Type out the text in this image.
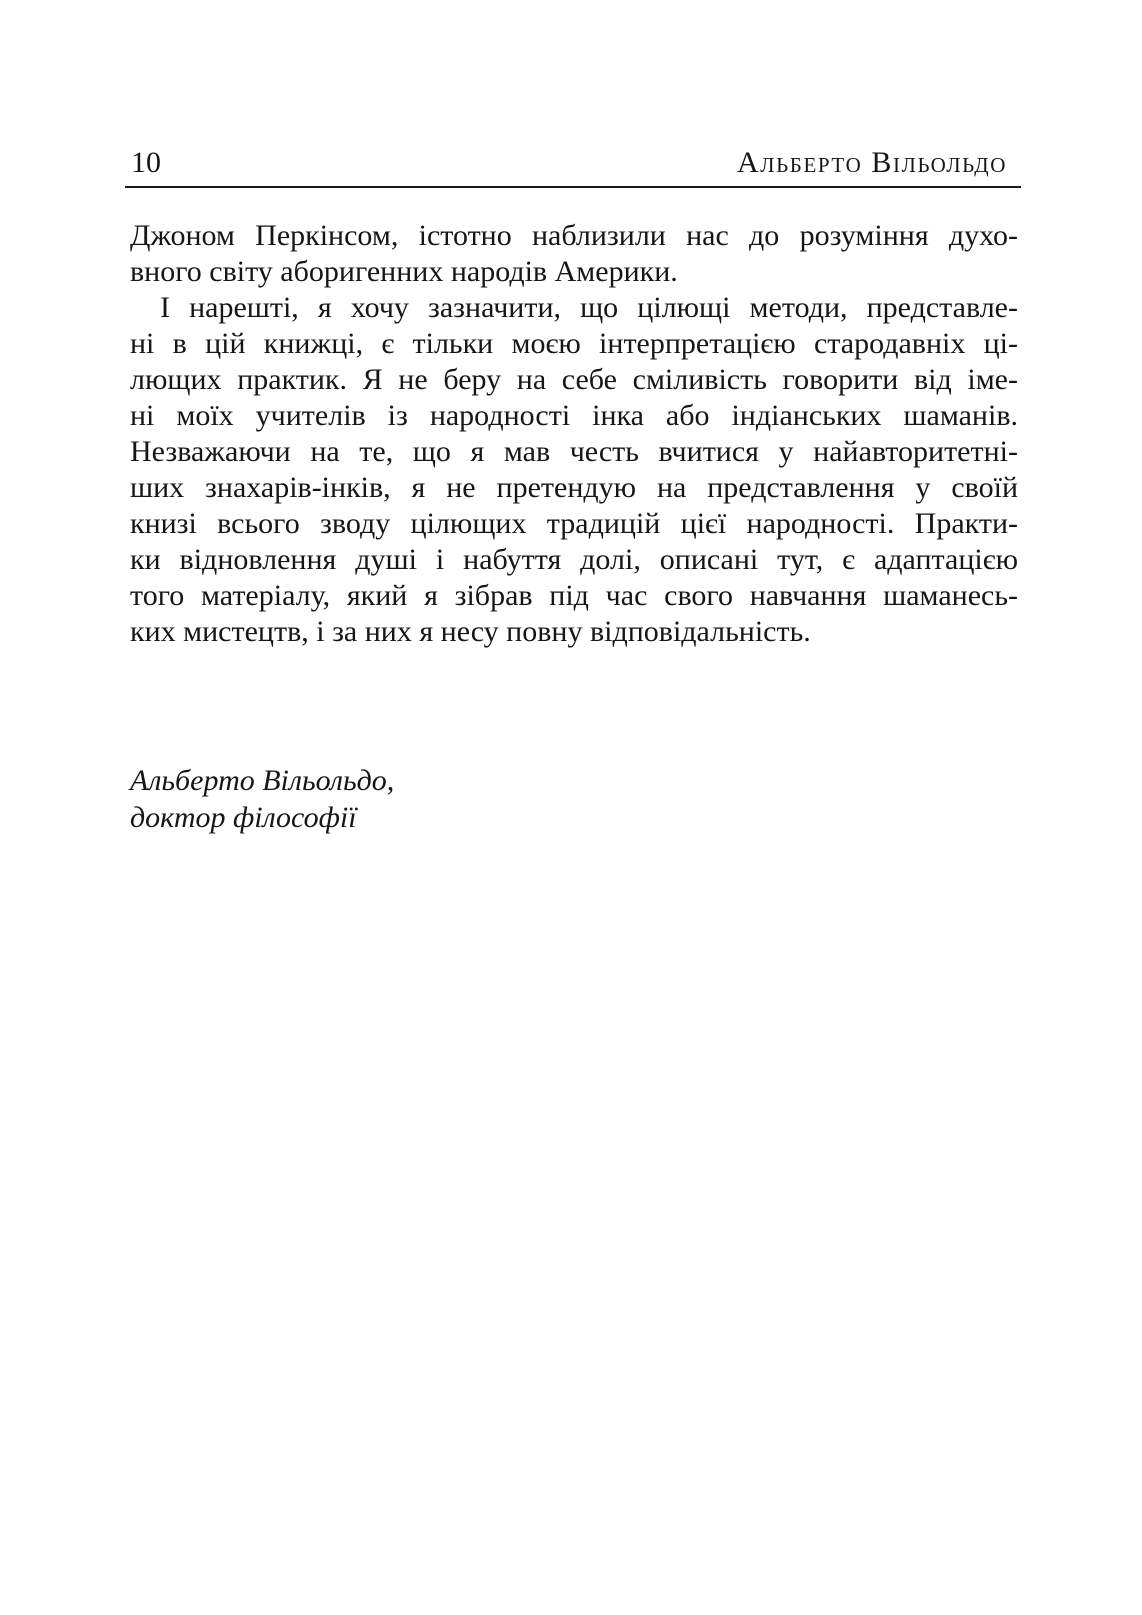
10	Альберто Вільольдо
Джоном Перкінсом, істотно наблизили нас до розуміння духо-
вного світу аборигенних народів Америки.
І нарешті, я хочу зазначити, що цілющі методи, представле-
ні в цій книжці, є тільки моєю інтерпретацією стародавніх ці-
лющих практик. Я не беру на себе сміливість говорити від іме-
ні моїх учителів із народності інка або індіанських шаманів.
Незважаючи на те, що я мав честь вчитися у найавторитетні-
ших знахарів-інків, я не претендую на представлення у своїй
книзі всього зводу цілющих традицій цієї народності. Практи-
ки відновлення душі і набуття долі, описані тут, є адаптацією
того матеріалу, який я зібрав під час свого навчання шаманeсь-
ких мистецтв, і за них я несу повну відповідальність.
Альберто Вільольдо,
доктор філософії
